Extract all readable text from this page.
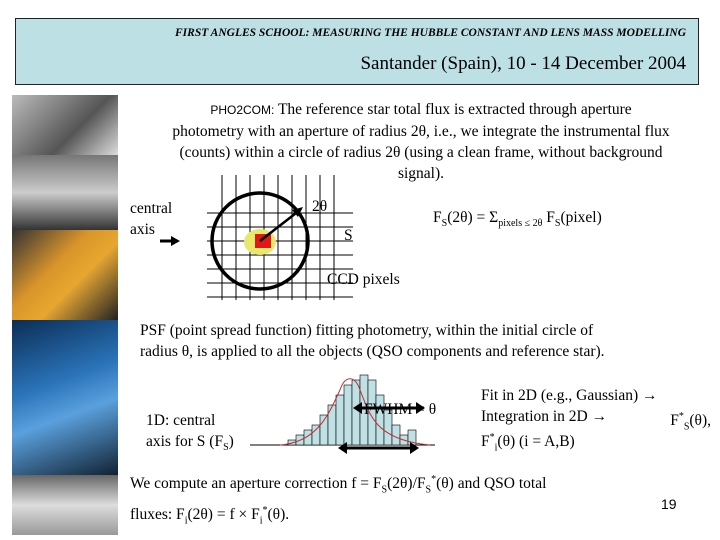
FIRST ANGLES SCHOOL: MEASURING THE HUBBLE CONSTANT AND LENS MASS MODELLING
Santander (Spain), 10 - 14 December 2004
PHO2COM: The reference star total flux is extracted through aperture
photometry with an aperture of radius 2θ, i.e., we integrate the instrumental flux
(counts) within a circle of radius 2θ (using a clean frame, without background
signal).
central
axis
2θ
S
CCD pixels
$F_S(2\theta) = \Sigma_{pixels \le 2\theta}$ $F_S(pixel)$
PSF (point spread function) fitting photometry, within the initial circle of
radius θ, is applied to all the objects (QSO components and reference star).
1D: central
axis for S $(F_S)$
FWHM = θ
Fit in 2D (e.g., Gaussian) →
Integration in 2D →	$F^*_S(\theta)$,
$F^*_i(\theta) (i = A,B)$
We compute an aperture correction $f = F_S(2\theta)/F_S^*(\theta)$ and QSO total
fluxes: $F_i(2\theta) = f \times F_i^*(\theta)$.
19
